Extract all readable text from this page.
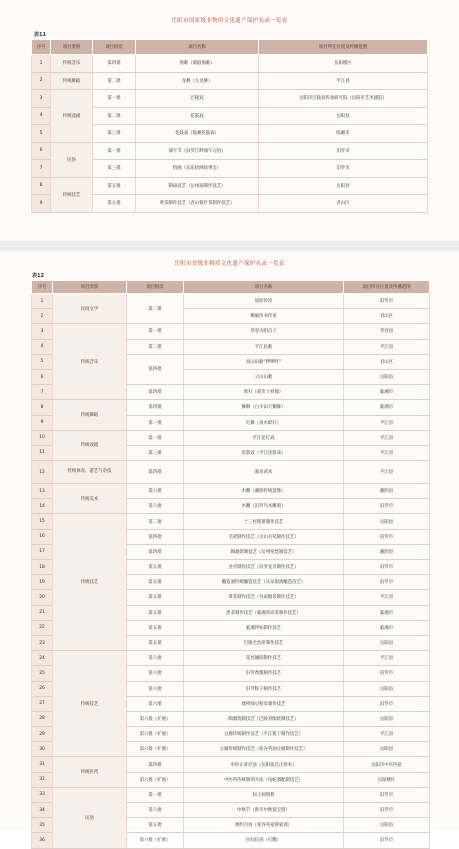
岳阳市国家级非物质文化遗产保护名录一览表
表11
序号	项目类别	项目批次	项目名称	项目所在位置及传播范围
1	传统音乐	第四批	渔歌（洞庭渔歌）	岳阳楼区
2	传统舞蹈	第二批	龙舞（九龙舞）	平江县
3	传统戏剧	第一批	巴陵戏	岳阳市巴陵戏传承研究院（岳阳市艺术剧院）
4		第二批	花鼓戏	岳阳县
5		第三批	花鼓戏（临湘花鼓戏）	临湘市
6	民俗	第一批	端午节（汨罗江畔端午习俗）	汨罗市
7		第三批	抬阁（乐乐抬阁故事会）	汨罗市
8	传统技艺	第五批	制扇技艺（岳州扇制作技艺）	岳阳县
9		第五批	黄茶制作技艺（君山银针茶制作技艺）	君山区
岳阳市省级非物质文化遗产保护名录一览表
表12
序号	项目类别	项目批次	项目名称	项目所在位置及传播范围
1	民间文学	第二批	屈原传说	汨罗市
2			柳毅传书传说	君山区
3	传统音乐	第一批	华容夫唱点子	华容县
4		第二批	平江民歌	平江县
5		第四批	高山田歌“啰啰咚”	君山区
6			云山山歌	岳阳县
7		第四批	吹打（聂市十样锦）	临湘市
8	传统舞蹈	第四批	狮舞（白羊田天狮舞）	临湘市
9		第一批	灯舞（泉水蚌灯）	平江县
10	传统戏剧	第一批	平江花灯戏	平江县
11		第三批	皮影戏（平江皮影戏）	平江县
12	传统体育、游艺与杂技	第四批	幕阜武术	平江县
13	传统美术	第六批	木雕（湘阴传统造像）	湘阴县
14		第六批	木雕（汨罗鸟木雕刻）	汨罗市
15	传统技艺	第二批	十三村酱菜制作技艺	岳阳县
16		第四批	毛笔制作技艺（川山毛笔制作技艺）	汨罗市
17		第四批	陶器烧制技艺（岳州窑烧制技艺）	湘阴县
18		第五批	龙舟制作技艺（汨罗龙舟制作技艺）	汨罗市
19		第五批	酿造酒传统酿造技艺（乐乐甜酒酿造技艺）	汨罗市
20		第五批	黄茶制作技艺（谷雨烟茶制作技艺）	平江县
21		第五批	黑茶制作技艺（临湘青砖茶制作技艺）	临湘市
22		第五批	临湘浮标制作技艺	临湘市
23		第五批	巴陵全鱼席制作技艺	岳阳县
24	传统技艺	第六批	花丝镶嵌制作技艺	平江县
25		第六批	汨罗香酱制作技艺	汨罗市
26		第六批	汨罗粽子制作技艺	岳阳县
27		第六批	詹桥绿豆粉皮制作技艺	汨罗市
28		第六批（扩展）	陶器烧制技艺（巴陵青陶烧制技艺）	岳阳县
29		第六批（扩展）	豆腐传统制作技艺（平江酱干制作技艺）	平江县
30		第六批（扩展）	豆腐传统制作技艺（张谷英油豆腐制作技艺）	岳阳县
31	传统医药	第四批	中医正骨疗法（岳阳张氏正骨术）	岳阳市中医医院
32		第六批（扩展）	中医药传统制剂方法（龟蛇酒配制技艺）	岳阳楼区
33	民俗	第一批	屈子祠祭典	汨罗市
34		第六批	中秋节（新市中秋爱宝塔）	汨罗市
35		第五批	规约习俗（张谷英家规家训）	岳阳县
36		第六批（扩展）	民间信俗（打醮）	汨罗市
